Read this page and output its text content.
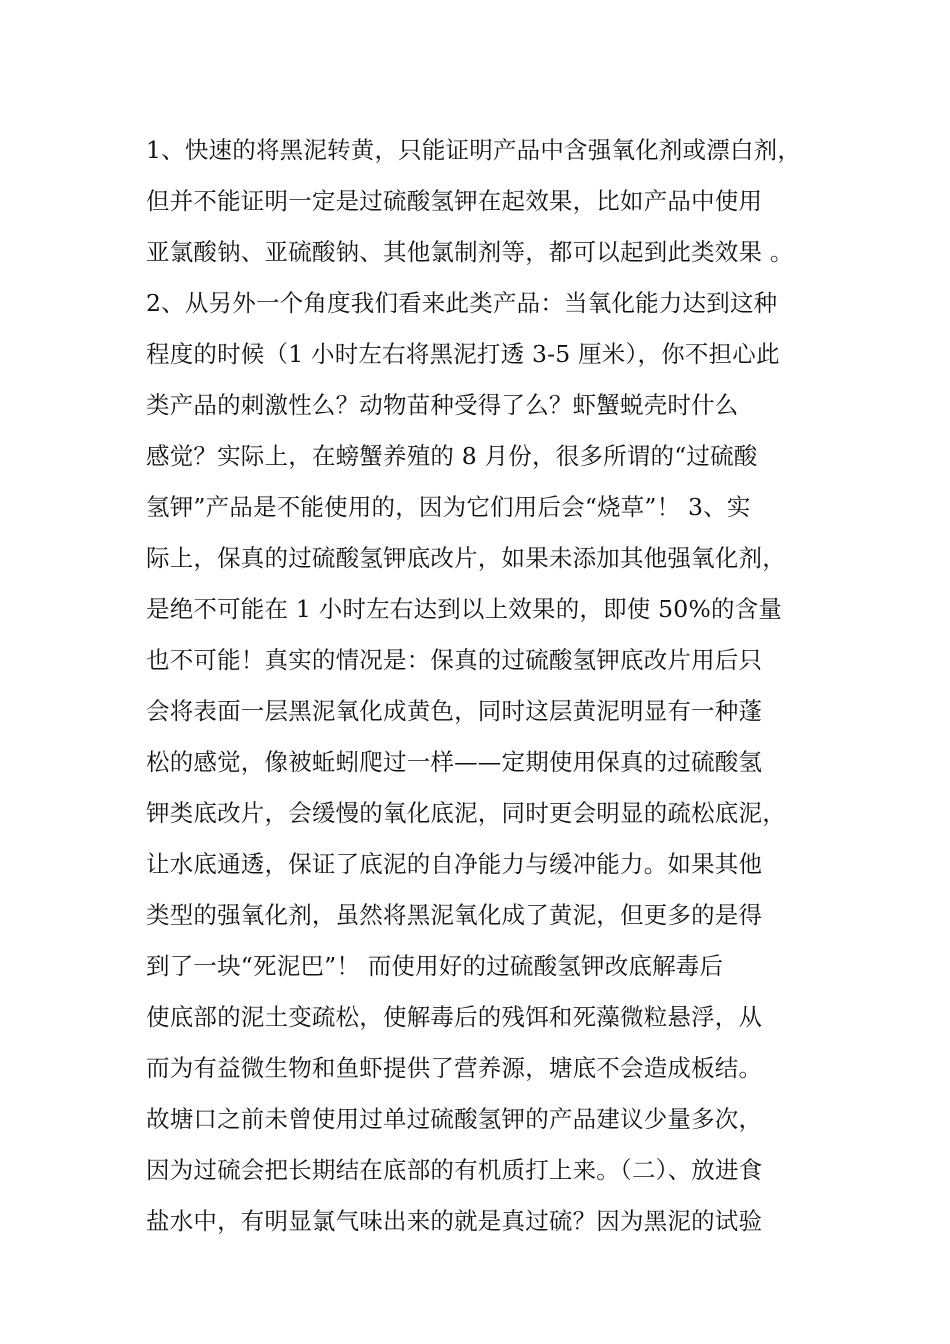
1、快速的将黑泥转黄，只能证明产品中含强氧化剂或漂白剂，
但并不能证明一定是过硫酸氢钾在起效果，比如产品中使用
亚氯酸钠、亚硫酸钠、其他氯制剂等，都可以起到此类效果 。
2、从另外一个角度我们看来此类产品：当氧化能力达到这种
程度的时候（1 小时左右将黑泥打透 3-5 厘米），你不担心此
类产品的刺激性么？动物苗种受得了么？虾蟹蜕壳时什么
感觉？实际上，在螃蟹养殖的 8 月份，很多所谓的“过硫酸
氢钾”产品是不能使用的，因为它们用后会“烧草”！ 3、实
际上，保真的过硫酸氢钾底改片，如果未添加其他强氧化剂，
是绝不可能在 1 小时左右达到以上效果的，即使 50%的含量
也不可能！真实的情况是：保真的过硫酸氢钾底改片用后只
会将表面一层黑泥氧化成黄色，同时这层黄泥明显有一种蓬
松的感觉，像被蚯蚓爬过一样——定期使用保真的过硫酸氢
钾类底改片，会缓慢的氧化底泥，同时更会明显的疏松底泥，
让水底通透，保证了底泥的自净能力与缓冲能力。如果其他
类型的强氧化剂，虽然将黑泥氧化成了黄泥，但更多的是得
到了一块“死泥巴”！ 而使用好的过硫酸氢钾改底解毒后
使底部的泥土变疏松，使解毒后的残饵和死藻微粒悬浮，从
而为有益微生物和鱼虾提供了营养源，塘底不会造成板结。
故塘口之前未曾使用过单过硫酸氢钾的产品建议少量多次，
因为过硫会把长期结在底部的有机质打上来。（二）、放进食
盐水中，有明显氯气味出来的就是真过硫？因为黑泥的试验
